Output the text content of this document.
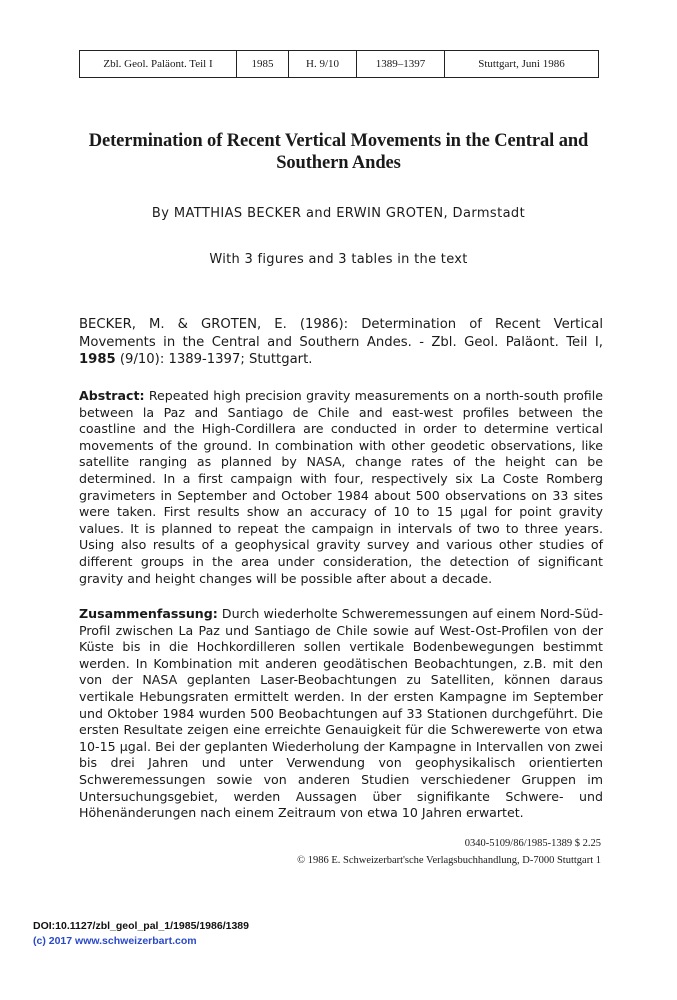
Zbl. Geol. Paläont. Teil I	1985	H. 9/10	1389–1397	Stuttgart, Juni 1986
Determination of Recent Vertical Movements in the Central and Southern Andes
By MATTHIAS BECKER and ERWIN GROTEN, Darmstadt
With 3 figures and 3 tables in the text
BECKER, M. & GROTEN, E. (1986): Determination of Recent Vertical Movements in the Central and Southern Andes. - Zbl. Geol. Paläont. Teil I, 1985 (9/10): 1389-1397; Stuttgart.
Abstract: Repeated high precision gravity measurements on a north-south profile between la Paz and Santiago de Chile and east-west profiles between the coastline and the High-Cordillera are conducted in order to determine vertical movements of the ground. In combination with other geodetic observations, like satellite ranging as planned by NASA, change rates of the height can be determined. In a first campaign with four, respectively six La Coste Romberg gravimeters in September and October 1984 about 500 observations on 33 sites were taken. First results show an accuracy of 10 to 15 µgal for point gravity values. It is planned to repeat the campaign in intervals of two to three years. Using also results of a geophysical gravity survey and various other studies of different groups in the area under consideration, the detection of significant gravity and height changes will be possible after about a decade.
Zusammenfassung: Durch wiederholte Schweremessungen auf einem Nord-Süd-Profil zwischen La Paz und Santiago de Chile sowie auf West-Ost-Profilen von der Küste bis in die Hochkordilleren sollen vertikale Bodenbewegungen bestimmt werden. In Kombination mit anderen geodätischen Beobachtungen, z.B. mit den von der NASA geplanten Laser-Beobachtungen zu Satelliten, können daraus vertikale Hebungsraten ermittelt werden. In der ersten Kampagne im September und Oktober 1984 wurden 500 Beobachtungen auf 33 Stationen durchgeführt. Die ersten Resultate zeigen eine erreichte Genauigkeit für die Schwerewerte von etwa 10-15 µgal. Bei der geplanten Wiederholung der Kampagne in Intervallen von zwei bis drei Jahren und unter Verwendung von geophysikalisch orientierten Schweremessungen sowie von anderen Studien verschiedener Gruppen im Untersuchungsgebiet, werden Aussagen über signifikante Schwere- und Höhenänderungen nach einem Zeitraum von etwa 10 Jahren erwartet.
0340-5109/86/1985-1389 $ 2.25
© 1986 E. Schweizerbart'sche Verlagsbuchhandlung, D-7000 Stuttgart 1
DOI:10.1127/zbl_geol_pal_1/1985/1986/1389
(c) 2017 www.schweizerbart.com
